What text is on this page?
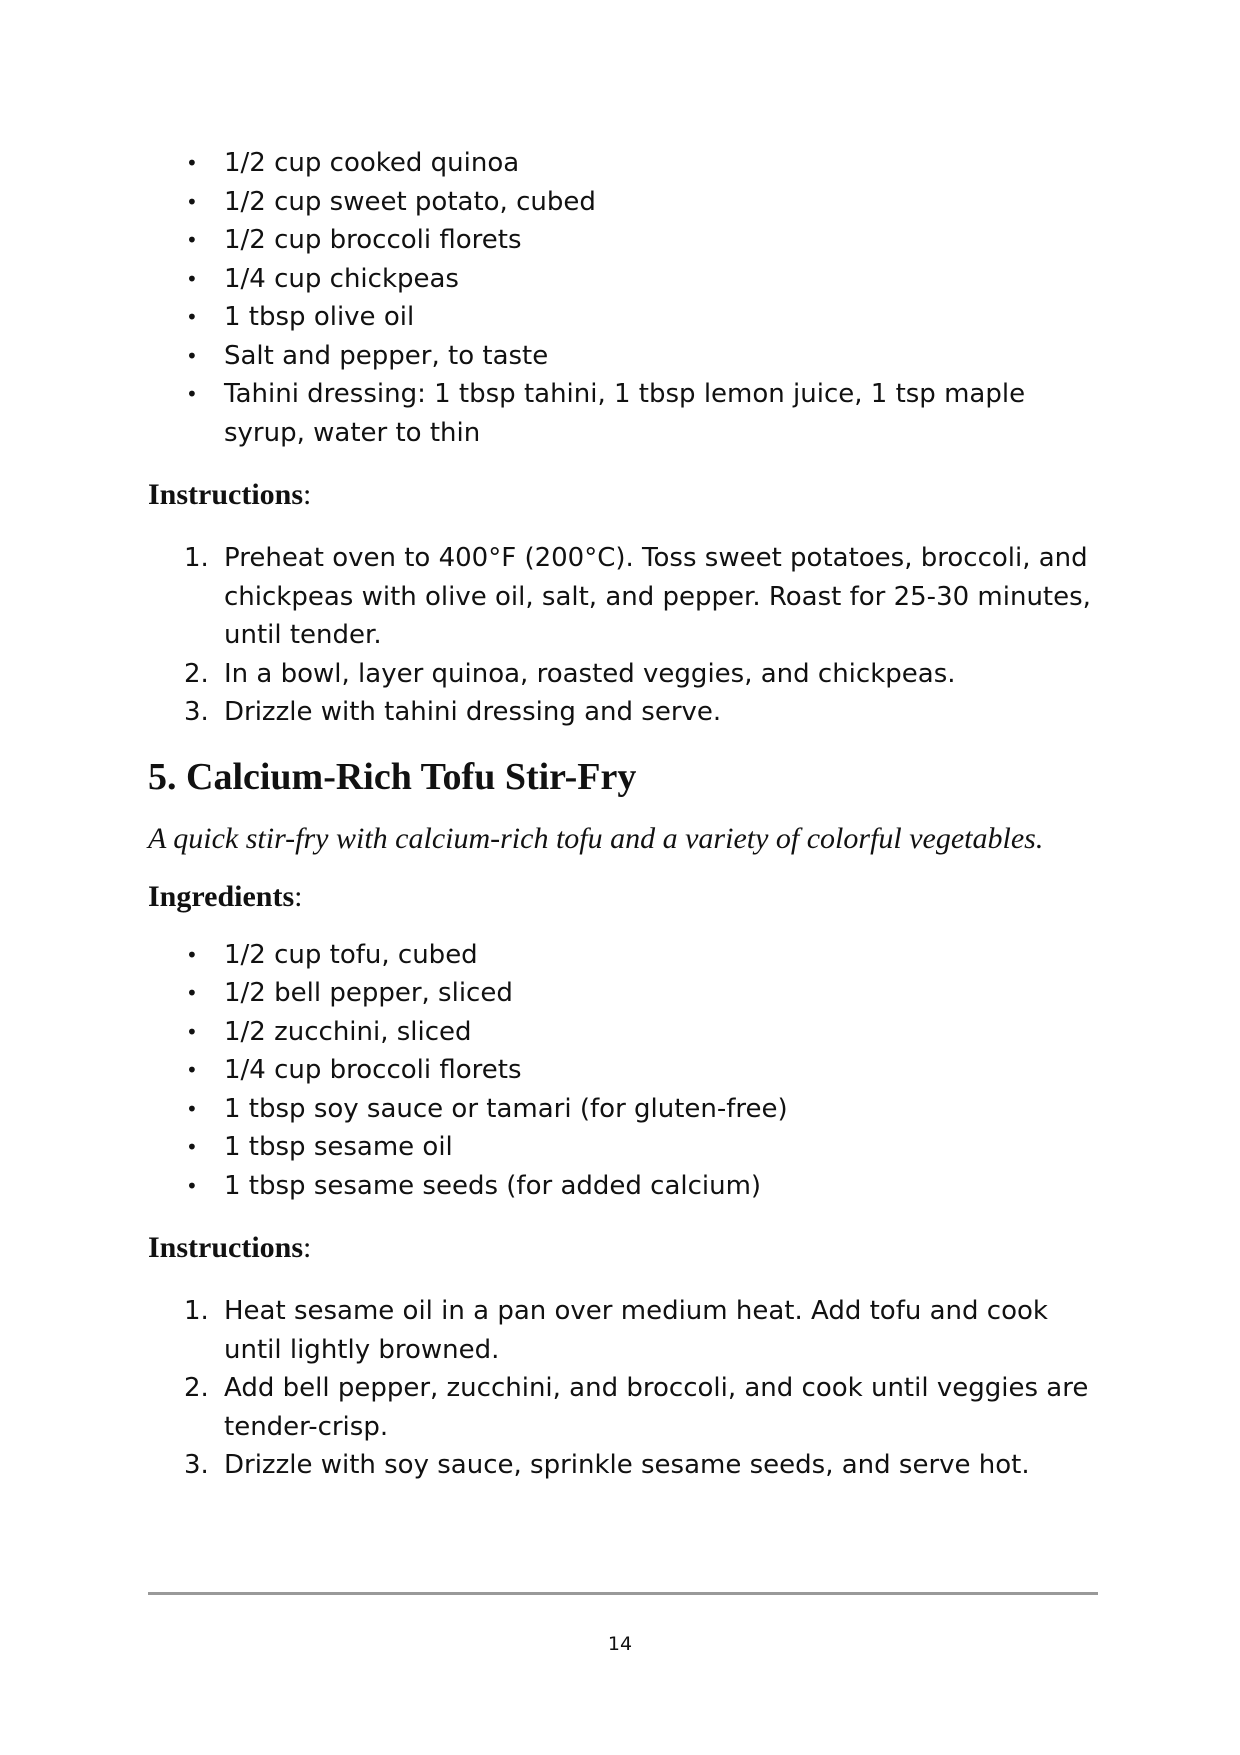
• 1/2 cup cooked quinoa
• 1/2 cup sweet potato, cubed
• 1/2 cup broccoli florets
• 1/4 cup chickpeas
• 1 tbsp olive oil
• Salt and pepper, to taste
• Tahini dressing: 1 tbsp tahini, 1 tbsp lemon juice, 1 tsp maple syrup, water to thin

Instructions:

1. Preheat oven to 400°F (200°C). Toss sweet potatoes, broccoli, and chickpeas with olive oil, salt, and pepper. Roast for 25-30 minutes, until tender.
2. In a bowl, layer quinoa, roasted veggies, and chickpeas.
3. Drizzle with tahini dressing and serve.
5. Calcium-Rich Tofu Stir-Fry

A quick stir-fry with calcium-rich tofu and a variety of colorful vegetables.

Ingredients:

• 1/2 cup tofu, cubed
• 1/2 bell pepper, sliced
• 1/2 zucchini, sliced
• 1/4 cup broccoli florets
• 1 tbsp soy sauce or tamari (for gluten-free)
• 1 tbsp sesame oil
• 1 tbsp sesame seeds (for added calcium)

Instructions:

1. Heat sesame oil in a pan over medium heat. Add tofu and cook until lightly browned.
2. Add bell pepper, zucchini, and broccoli, and cook until veggies are tender-crisp.
3. Drizzle with soy sauce, sprinkle sesame seeds, and serve hot.
14
